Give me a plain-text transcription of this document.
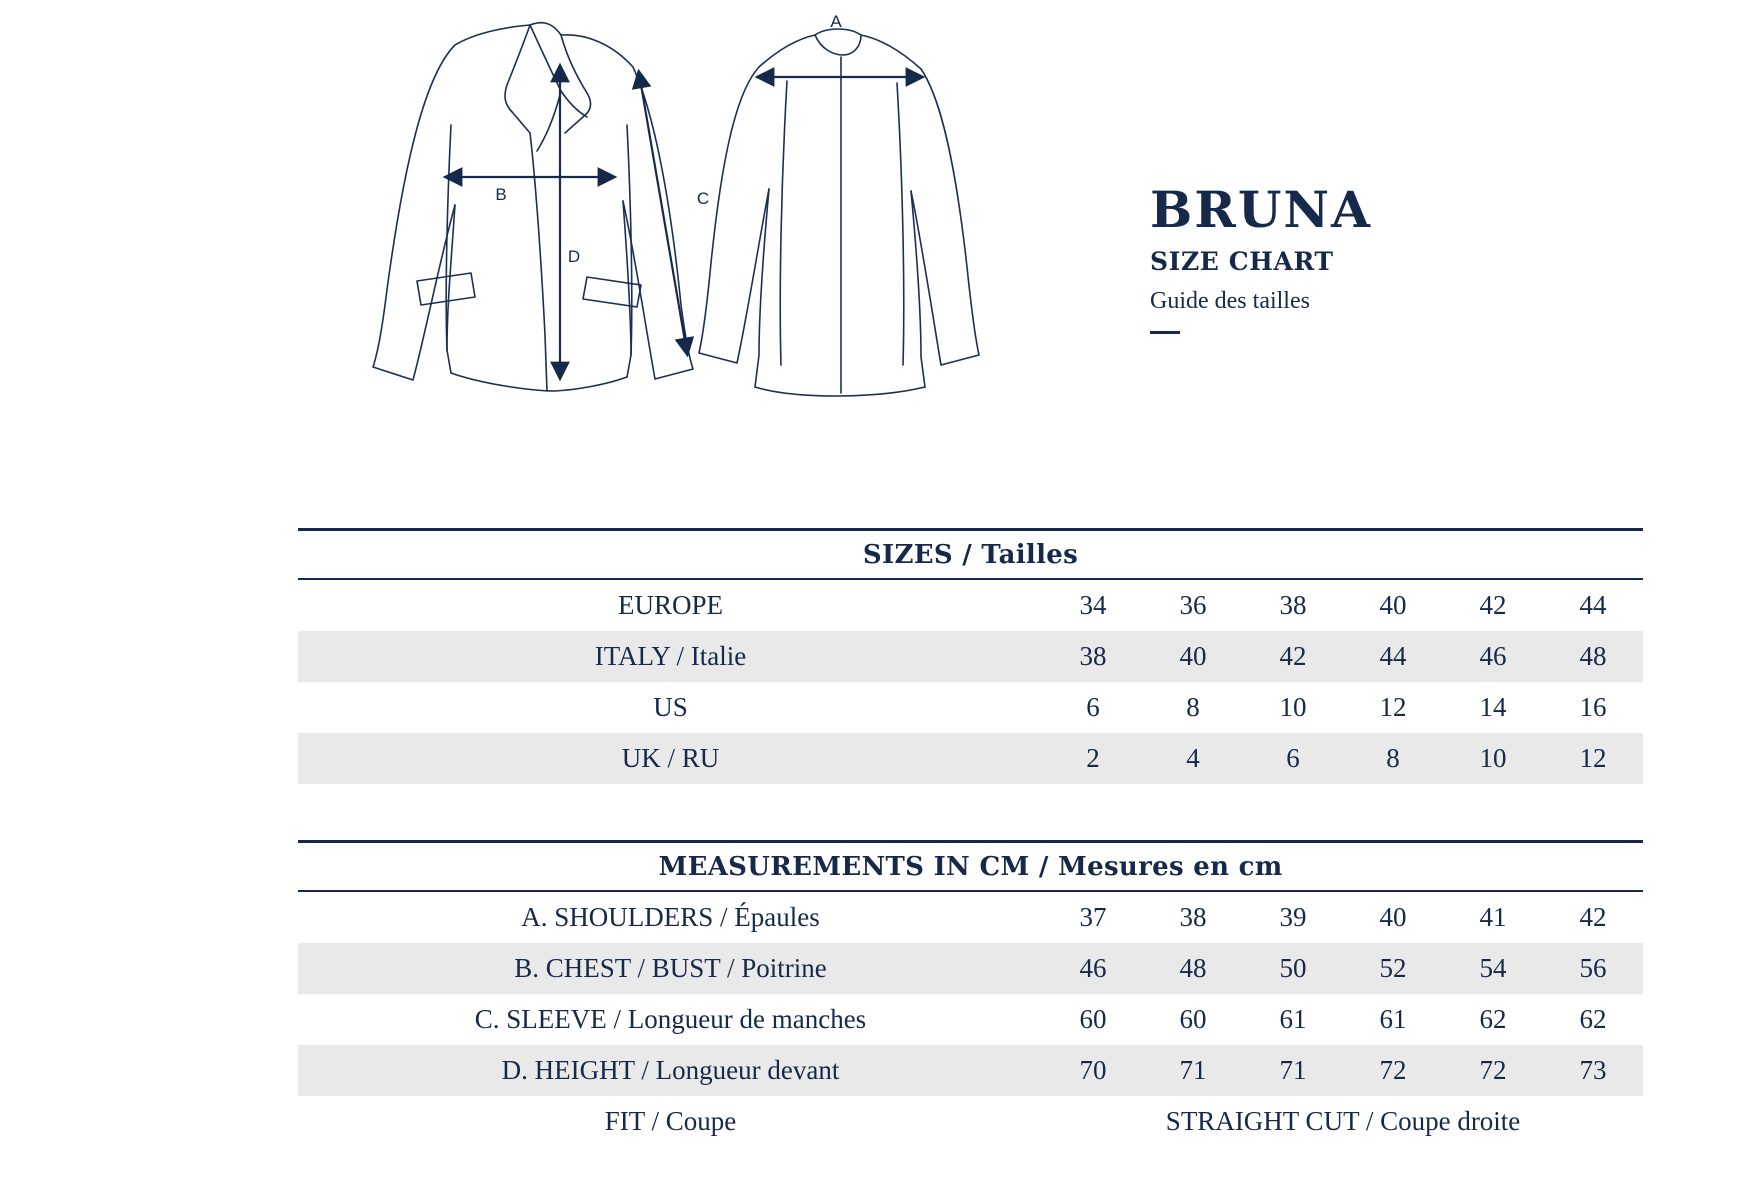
A
B	C
D
BRUNA
SIZE CHART
Guide des tailles
SIZES / Tailles						
EUROPE	34	36	38	40	42	44
ITALY / Italie	38	40	42	44	46	48
US	6	8	10	12	14	16
UK / RU	2	4	6	8	10	12
MEASUREMENTS IN CM / Mesures en cm						
A. SHOULDERS / Épaules	37	38	39	40	41	42
B. CHEST / BUST / Poitrine	46	48	50	52	54	56
C. SLEEVE / Longueur de manches	60	60	61	61	62	62
D. HEIGHT / Longueur devant	70	71	71	72	72	73
FIT / Coupe	STRAIGHT CUT / Coupe droite					
